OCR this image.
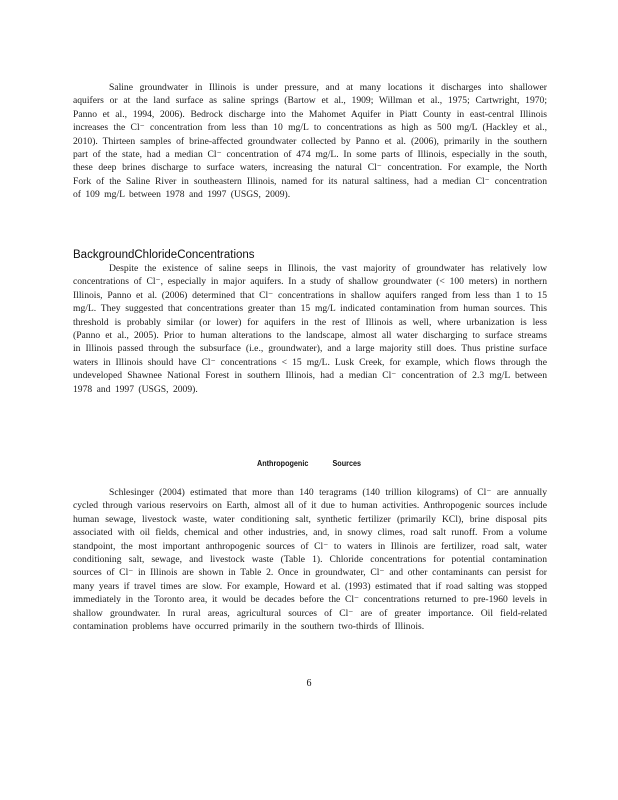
Saline groundwater in Illinois is under pressure, and at many locations it discharges into shallower aquifers or at the land surface as saline springs (Bartow et al., 1909; Willman et al., 1975; Cartwright, 1970; Panno et al., 1994, 2006). Bedrock discharge into the Mahomet Aquifer in Piatt County in east-central Illinois increases the Cl⁻ concentration from less than 10 mg/L to concentrations as high as 500 mg/L (Hackley et al., 2010). Thirteen samples of brine-affected groundwater collected by Panno et al. (2006), primarily in the southern part of the state, had a median Cl⁻ concentration of 474 mg/L. In some parts of Illinois, especially in the south, these deep brines discharge to surface waters, increasing the natural Cl⁻ concentration. For example, the North Fork of the Saline River in southeastern Illinois, named for its natural saltiness, had a median Cl⁻ concentration of 109 mg/L between 1978 and 1997 (USGS, 2009).

BackgroundChlorideConcentrations

Despite the existence of saline seeps in Illinois, the vast majority of groundwater has relatively low concentrations of Cl⁻, especially in major aquifers. In a study of shallow groundwater (< 100 meters) in northern Illinois, Panno et al. (2006) determined that Cl⁻ concentrations in shallow aquifers ranged from less than 1 to 15 mg/L. They suggested that concentrations greater than 15 mg/L indicated contamination from human sources. This threshold is probably similar (or lower) for aquifers in the rest of Illinois as well, where urbanization is less (Panno et al., 2005). Prior to human alterations to the landscape, almost all water discharging to surface streams in Illinois passed through the subsurface (i.e., groundwater), and a large majority still does. Thus pristine surface waters in Illinois should have Cl⁻ concentrations < 15 mg/L. Lusk Creek, for example, which flows through the undeveloped Shawnee National Forest in southern Illinois, had a median Cl⁻ concentration of 2.3 mg/L between 1978 and 1997 (USGS, 2009).

Anthropogenic Sources

Schlesinger (2004) estimated that more than 140 teragrams (140 trillion kilograms) of Cl⁻ are annually cycled through various reservoirs on Earth, almost all of it due to human activities. Anthropogenic sources include human sewage, livestock waste, water conditioning salt, synthetic fertilizer (primarily KCl), brine disposal pits associated with oil fields, chemical and other industries, and, in snowy climes, road salt runoff. From a volume standpoint, the most important anthropogenic sources of Cl⁻ to waters in Illinois are fertilizer, road salt, water conditioning salt, sewage, and livestock waste (Table 1). Chloride concentrations for potential contamination sources of Cl⁻ in Illinois are shown in Table 2. Once in groundwater, Cl⁻ and other contaminants can persist for many years if travel times are slow. For example, Howard et al. (1993) estimated that if road salting was stopped immediately in the Toronto area, it would be decades before the Cl⁻ concentrations returned to pre-1960 levels in shallow groundwater. In rural areas, agricultural sources of Cl⁻ are of greater importance. Oil field-related contamination problems have occurred primarily in the southern two-thirds of Illinois.

6
